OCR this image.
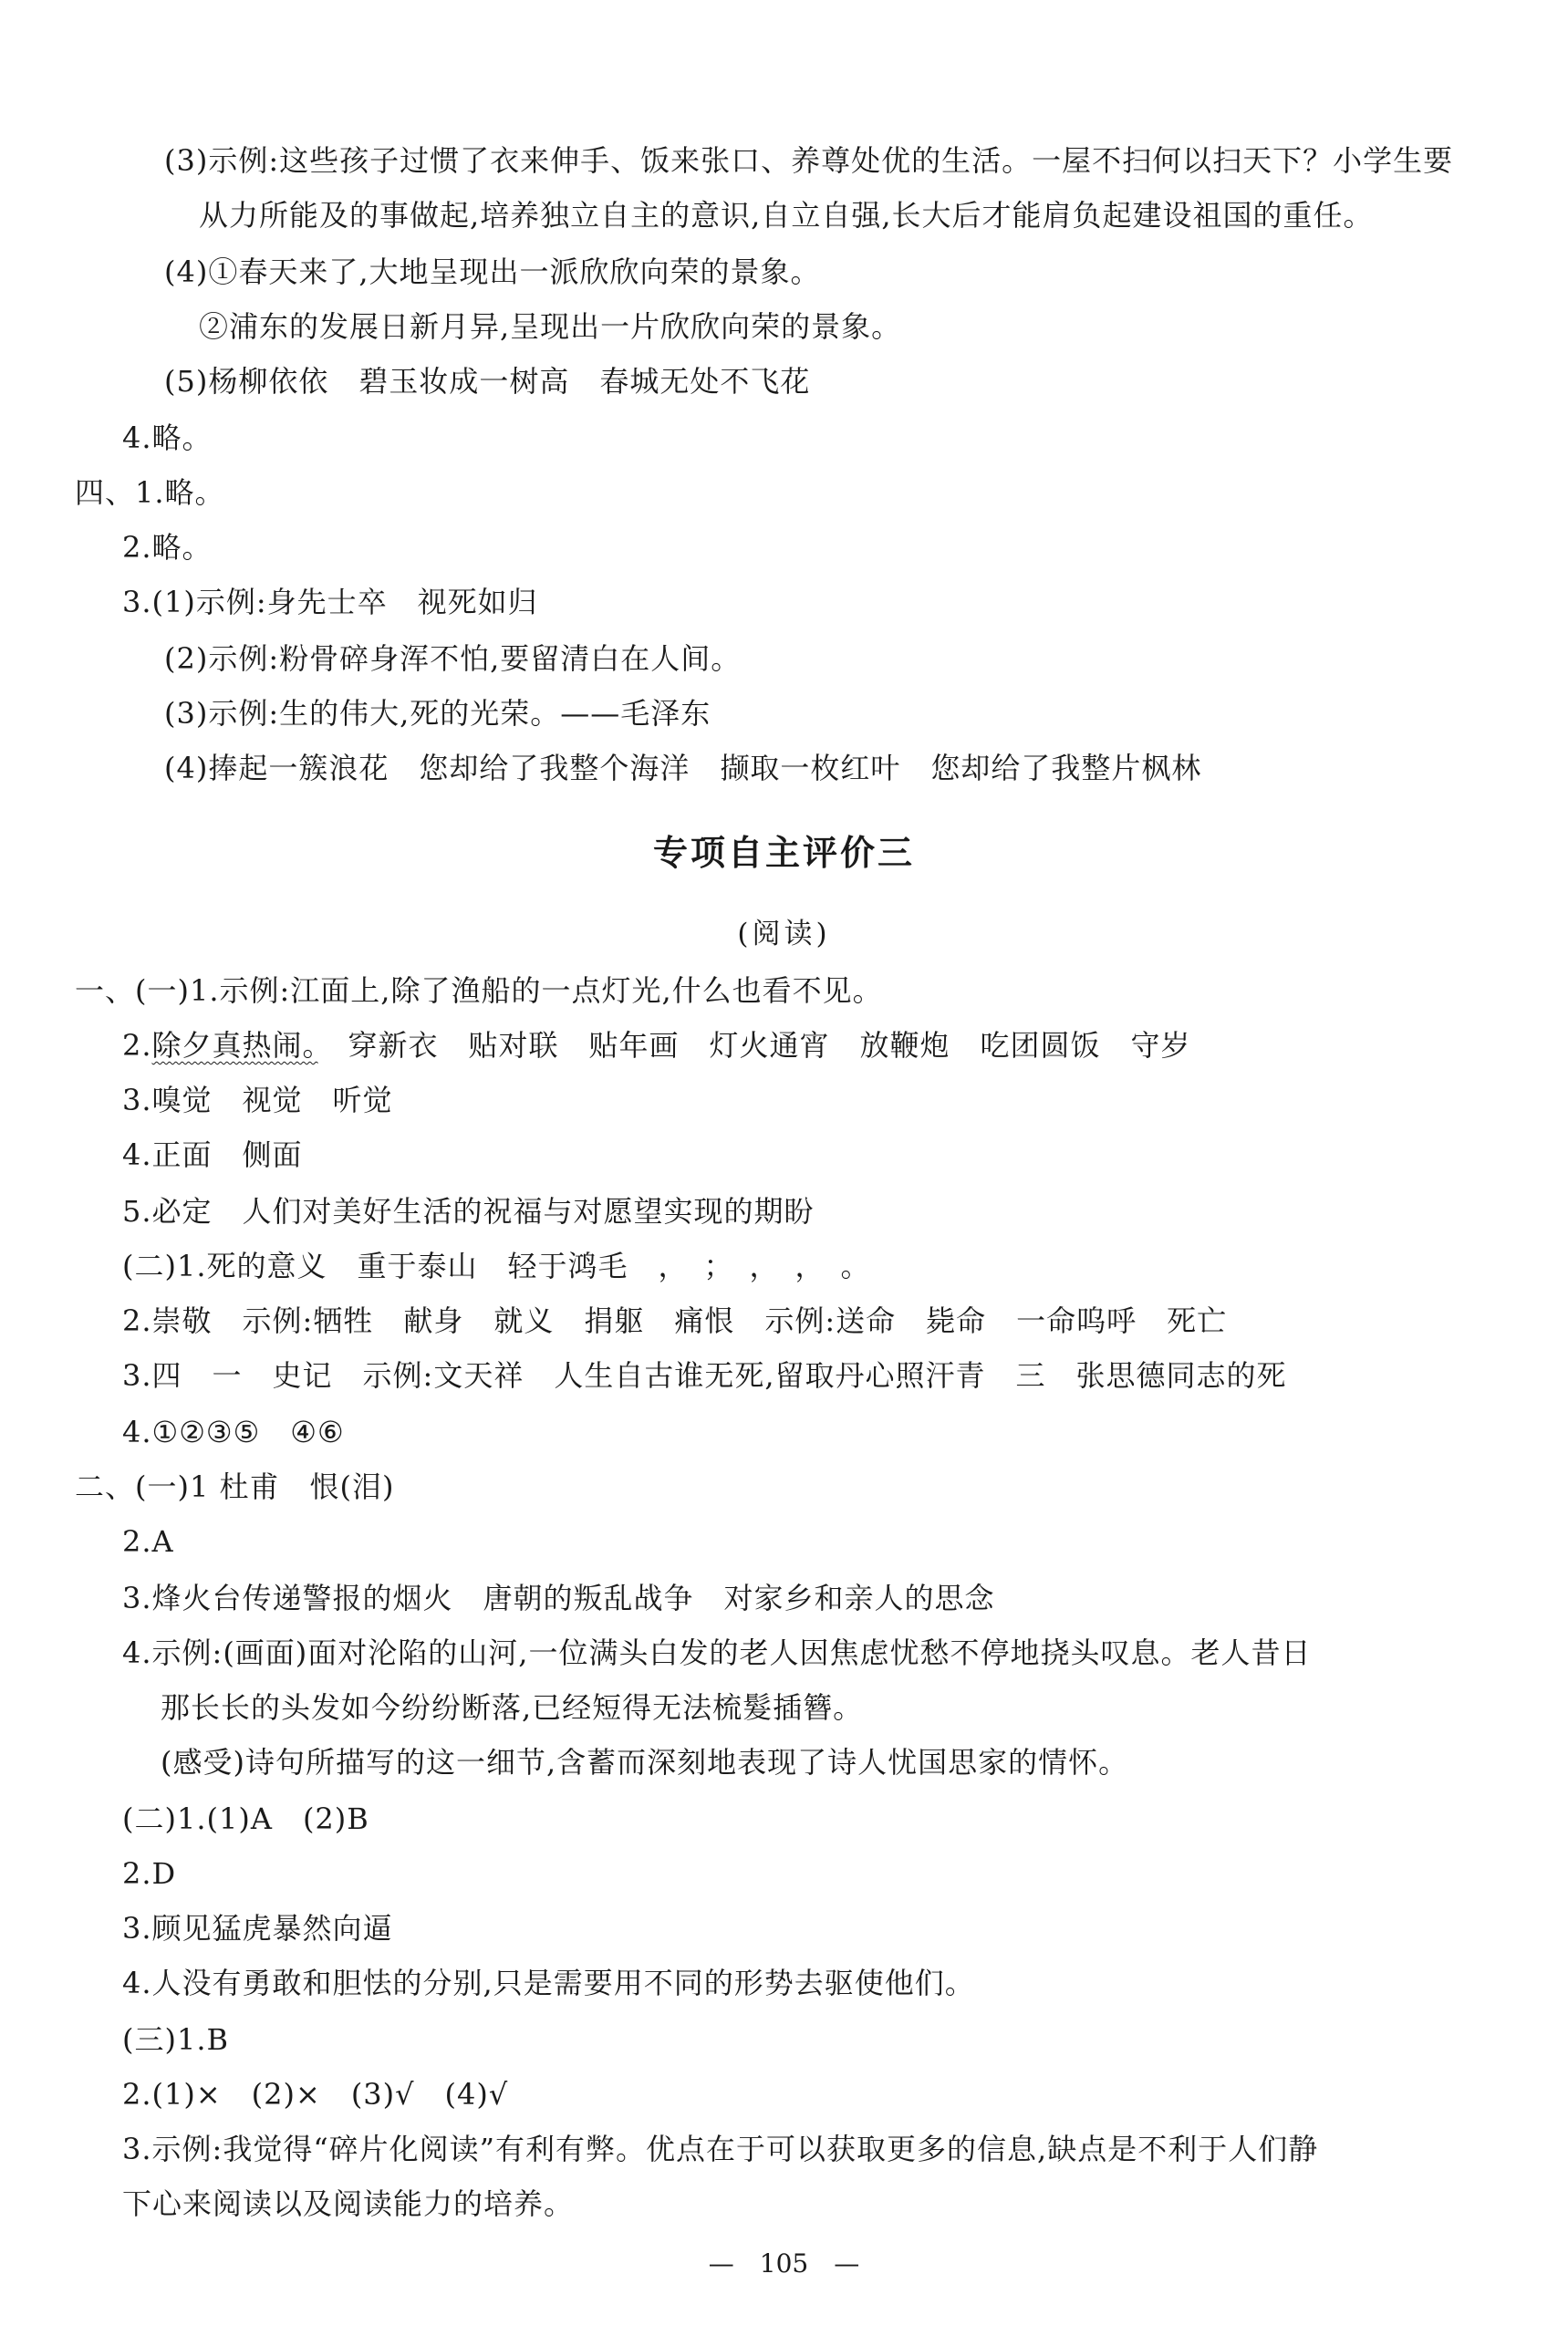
(3)示例:这些孩子过惯了衣来伸手、饭来张口、养尊处优的生活。一屋不扫何以扫天下？小学生要
从力所能及的事做起,培养独立自主的意识,自立自强,长大后才能肩负起建设祖国的重任。
(4)①春天来了,大地呈现出一派欣欣向荣的景象。
②浦东的发展日新月异,呈现出一片欣欣向荣的景象。
(5)杨柳依依　碧玉妆成一树高　春城无处不飞花
4.略。
四、1.略。
2.略。
3.(1)示例:身先士卒　视死如归
(2)示例:粉骨碎身浑不怕,要留清白在人间。
(3)示例:生的伟大,死的光荣。——毛泽东
(4)捧起一簇浪花　您却给了我整个海洋　撷取一枚红叶　您却给了我整片枫林
专项自主评价三
(阅读)
一、(一)1.示例:江面上,除了渔船的一点灯光,什么也看不见。
2.除夕真热闹。　穿新衣　贴对联　贴年画　灯火通宵　放鞭炮　吃团圆饭　守岁
3.嗅觉　视觉　听觉
4.正面　侧面
5.必定　人们对美好生活的祝福与对愿望实现的期盼
(二)1.死的意义　重于泰山　轻于鸿毛　，　；　，　，　。
2.崇敬　示例:牺牲　献身　就义　捐躯　痛恨　示例:送命　毙命　一命呜呼　死亡
3.四　一　史记　示例:文天祥　人生自古谁无死,留取丹心照汗青　三　张思德同志的死
4.①②③⑤　④⑥
二、(一)1 杜甫　恨(泪)
2.A
3.烽火台传递警报的烟火　唐朝的叛乱战争　对家乡和亲人的思念
4.示例:(画面)面对沦陷的山河,一位满头白发的老人因焦虑忧愁不停地挠头叹息。老人昔日
那长长的头发如今纷纷断落,已经短得无法梳髮插簪。
(感受)诗句所描写的这一细节,含蓄而深刻地表现了诗人忧国思家的情怀。
(二)1.(1)A　(2)B
2.D
3.顾见猛虎暴然向逼
4.人没有勇敢和胆怯的分别,只是需要用不同的形势去驱使他们。
(三)1.B
2.(1)×　(2)×　(3)√　(4)√
3.示例:我觉得“碎片化阅读”有利有弊。优点在于可以获取更多的信息,缺点是不利于人们静
下心来阅读以及阅读能力的培养。
—　105　—
